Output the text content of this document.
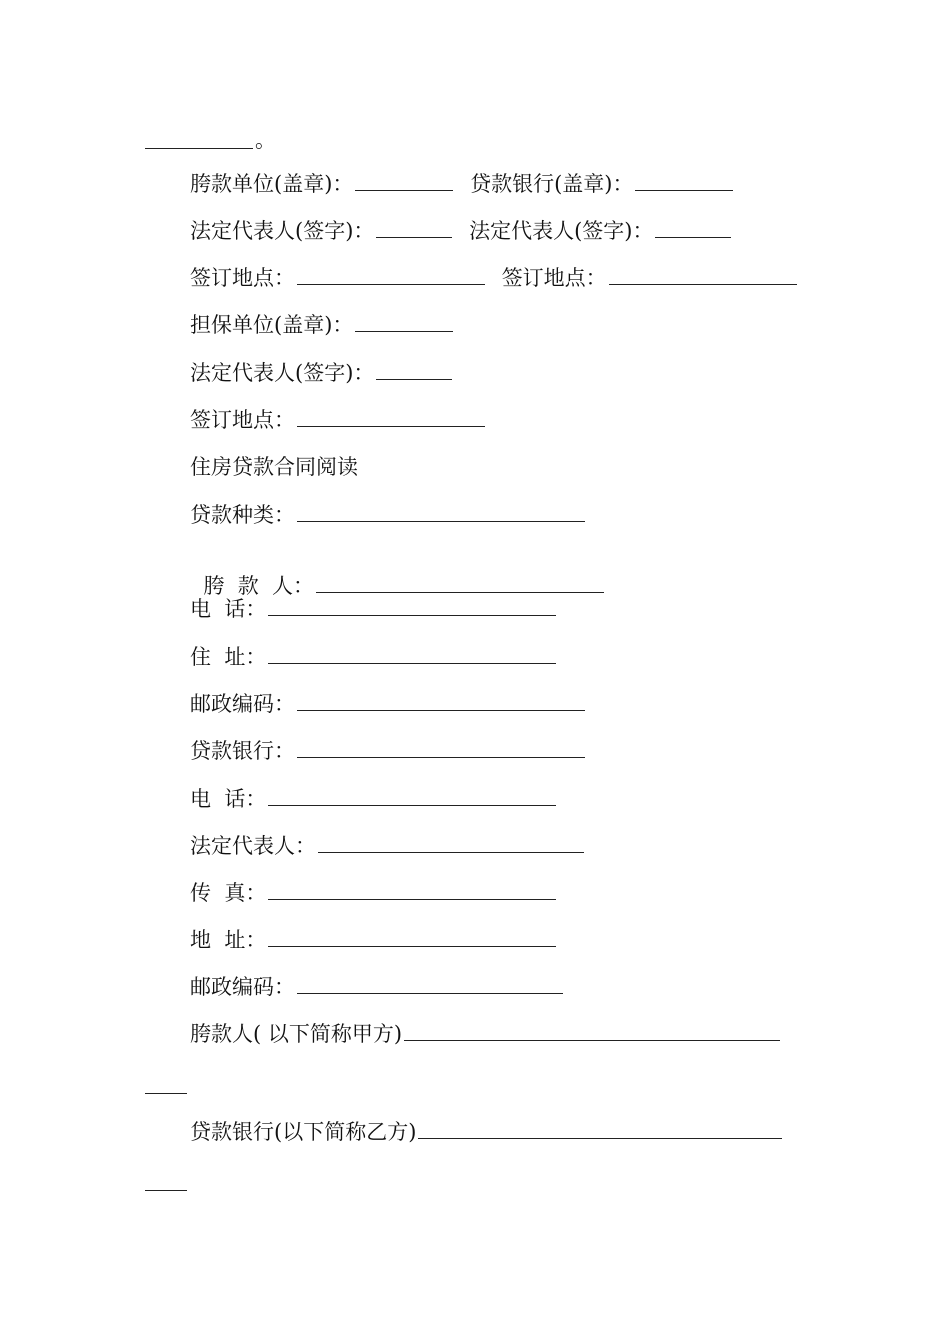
。
胯款单位(盖章)：	贷款银行(盖章)：
法定代表人(签字)：	法定代表人(签字)：
签订地点：	签订地点：
担保单位(盖章)：
法定代表人(签字)：
签订地点：
住房贷款合同阅读
贷款种类：

胯  款  人：

电  话：
住  址：
邮政编码：
贷款银行：
电  话：
法定代表人：
传  真：
地  址：
邮政编码：
胯款人( 以下简称甲方)
贷款银行(以下简称乙方)
